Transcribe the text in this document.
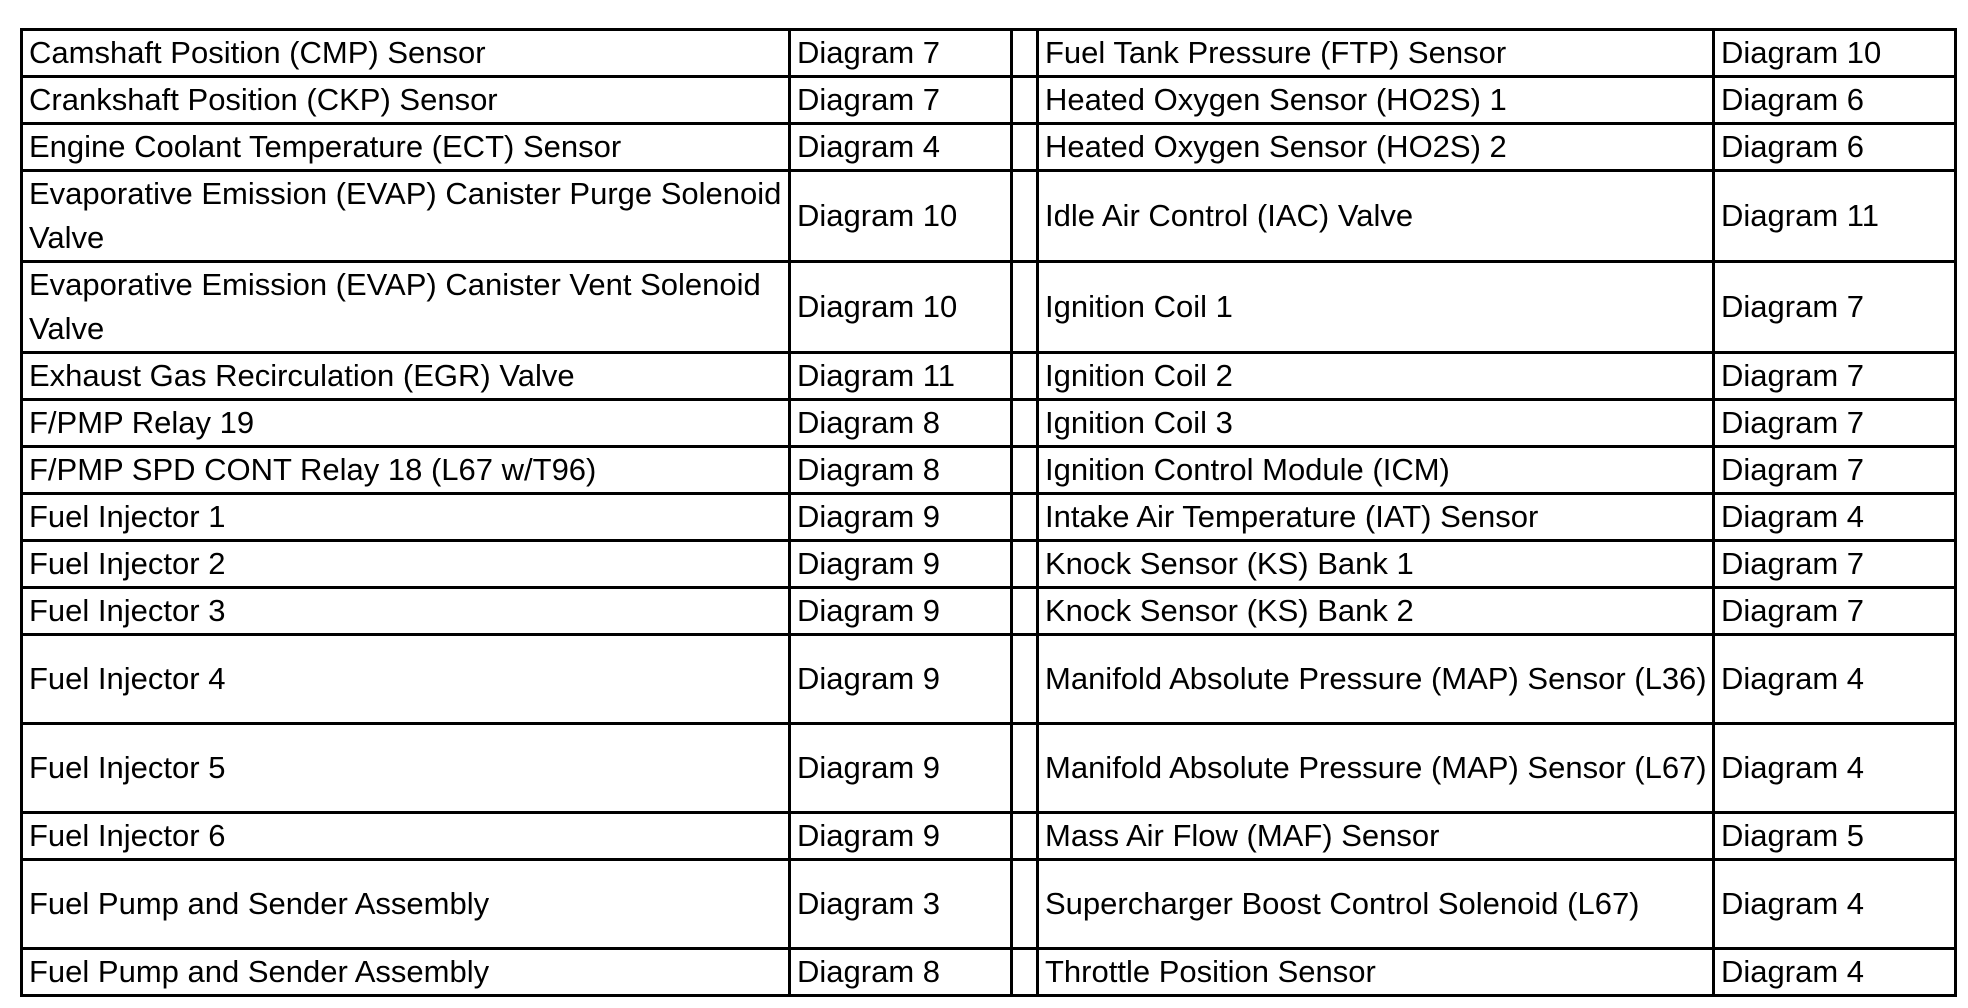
Camshaft Position (CMP) Sensor	Diagram 7		Fuel Tank Pressure (FTP) Sensor	Diagram 10
Crankshaft Position (CKP) Sensor	Diagram 7		Heated Oxygen Sensor (HO2S) 1	Diagram 6
Engine Coolant Temperature (ECT) Sensor	Diagram 4		Heated Oxygen Sensor (HO2S) 2	Diagram 6
Evaporative Emission (EVAP) Canister Purge Solenoid Valve	Diagram 10		Idle Air Control (IAC) Valve	Diagram 11
Evaporative Emission (EVAP) Canister Vent Solenoid Valve	Diagram 10		Ignition Coil 1	Diagram 7
Exhaust Gas Recirculation (EGR) Valve	Diagram 11		Ignition Coil 2	Diagram 7
F/PMP Relay 19	Diagram 8		Ignition Coil 3	Diagram 7
F/PMP SPD CONT Relay 18 (L67 w/T96)	Diagram 8		Ignition Control Module (ICM)	Diagram 7
Fuel Injector 1	Diagram 9		Intake Air Temperature (IAT) Sensor	Diagram 4
Fuel Injector 2	Diagram 9		Knock Sensor (KS) Bank 1	Diagram 7
Fuel Injector 3	Diagram 9		Knock Sensor (KS) Bank 2	Diagram 7
Fuel Injector 4	Diagram 9		Manifold Absolute Pressure (MAP) Sensor (L36)	Diagram 4
Fuel Injector 5	Diagram 9		Manifold Absolute Pressure (MAP) Sensor (L67)	Diagram 4
Fuel Injector 6	Diagram 9		Mass Air Flow (MAF) Sensor	Diagram 5
Fuel Pump and Sender Assembly	Diagram 3		Supercharger Boost Control Solenoid (L67)	Diagram 4
Fuel Pump and Sender Assembly	Diagram 8		Throttle Position Sensor	Diagram 4
